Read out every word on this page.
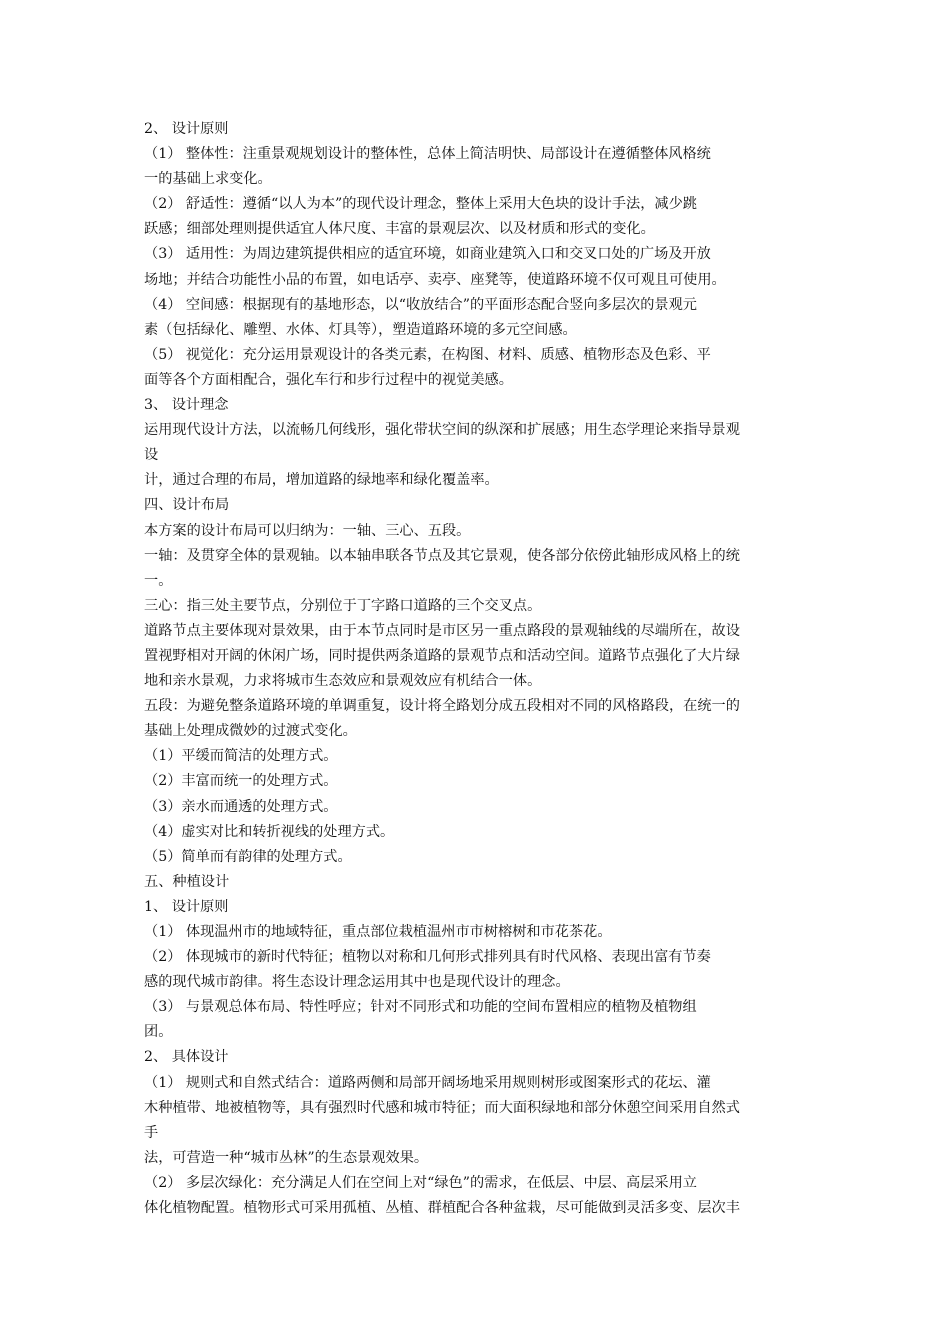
2、 设计原则
（1） 整体性：注重景观规划设计的整体性，总体上简洁明快、局部设计在遵循整体风格统
一的基础上求变化。
（2） 舒适性：遵循“以人为本”的现代设计理念，整体上采用大色块的设计手法，减少跳
跃感；细部处理则提供适宜人体尺度、丰富的景观层次、以及材质和形式的变化。
（3） 适用性：为周边建筑提供相应的适宜环境，如商业建筑入口和交叉口处的广场及开放
场地；并结合功能性小品的布置，如电话亭、卖亭、座凳等，使道路环境不仅可观且可使用。
（4） 空间感：根据现有的基地形态，以“收放结合”的平面形态配合竖向多层次的景观元
素（包括绿化、雕塑、水体、灯具等），塑造道路环境的多元空间感。
（5） 视觉化：充分运用景观设计的各类元素，在构图、材料、质感、植物形态及色彩、平
面等各个方面相配合，强化车行和步行过程中的视觉美感。
3、 设计理念
运用现代设计方法，以流畅几何线形，强化带状空间的纵深和扩展感；用生态学理论来指导景观
设
计，通过合理的布局，增加道路的绿地率和绿化覆盖率。
四、设计布局
本方案的设计布局可以归纳为：一轴、三心、五段。
一轴：及贯穿全体的景观轴。以本轴串联各节点及其它景观，使各部分依傍此轴形成风格上的统
一。
三心：指三处主要节点，分别位于丁字路口道路的三个交叉点。
道路节点主要体现对景效果，由于本节点同时是市区另一重点路段的景观轴线的尽端所在，故设
置视野相对开阔的休闲广场，同时提供两条道路的景观节点和活动空间。道路节点强化了大片绿
地和亲水景观，力求将城市生态效应和景观效应有机结合一体。
五段：为避免整条道路环境的单调重复，设计将全路划分成五段相对不同的风格路段，在统一的
基础上处理成微妙的过渡式变化。
（1）平缓而简洁的处理方式。
（2）丰富而统一的处理方式。
（3）亲水而通透的处理方式。
（4）虚实对比和转折视线的处理方式。
（5）简单而有韵律的处理方式。
五、种植设计
1、 设计原则
（1） 体现温州市的地域特征，重点部位栽植温州市市树榕树和市花茶花。
（2） 体现城市的新时代特征；植物以对称和几何形式排列具有时代风格、表现出富有节奏
感的现代城市韵律。将生态设计理念运用其中也是现代设计的理念。
（3） 与景观总体布局、特性呼应；针对不同形式和功能的空间布置相应的植物及植物组
团。
2、 具体设计
（1） 规则式和自然式结合：道路两侧和局部开阔场地采用规则树形或图案形式的花坛、灌
木种植带、地被植物等，具有强烈时代感和城市特征；而大面积绿地和部分休憩空间采用自然式
手
法，可营造一种“城市丛林”的生态景观效果。
（2） 多层次绿化：充分满足人们在空间上对“绿色”的需求，在低层、中层、高层采用立
体化植物配置。植物形式可采用孤植、丛植、群植配合各种盆栽，尽可能做到灵活多变、层次丰
